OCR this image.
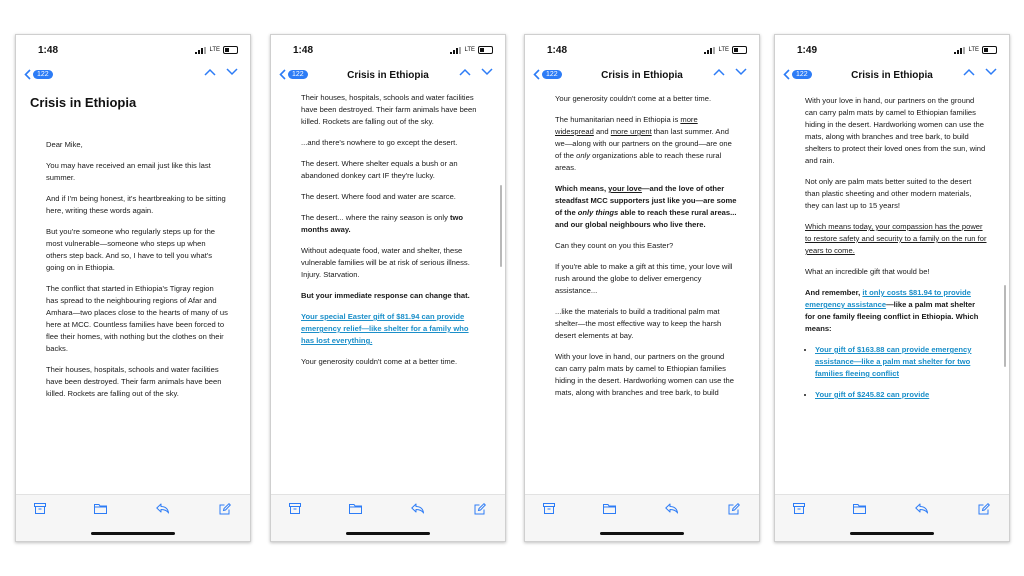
1:48	LTE
122
Crisis in Ethiopia

Dear Mike,

You may have received an email just like this last summer.

And if I'm being honest, it's heartbreaking to be sitting here, writing these words again.

But you're someone who regularly steps up for the most vulnerable—someone who steps up when others step back. And so, I have to tell you what's going on in Ethiopia.

The conflict that started in Ethiopia's Tigray region has spread to the neighbouring regions of Afar and Amhara—two places close to the hearts of many of us here at MCC. Countless families have been forced to flee their homes, with nothing but the clothes on their backs.

Their houses, hospitals, schools and water facilities have been destroyed. Their farm animals have been killed. Rockets are falling out of the sky.

1:48	LTE
122	Crisis in Ethiopia

Their houses, hospitals, schools and water facilities have been destroyed. Their farm animals have been killed. Rockets are falling out of the sky.

...and there's nowhere to go except the desert.

The desert. Where shelter equals a bush or an abandoned donkey cart IF they're lucky.

The desert. Where food and water are scarce.

The desert... where the rainy season is only two months away.

Without adequate food, water and shelter, these vulnerable families will be at risk of serious illness. Injury. Starvation.

But your immediate response can change that.

Your special Easter gift of $81.94 can provide emergency relief—like shelter for a family who has lost everything.

Your generosity couldn't come at a better time.

1:48	LTE
122	Crisis in Ethiopia

Your generosity couldn't come at a better time.

The humanitarian need in Ethiopia is more widespread and more urgent than last summer. And we—along with our partners on the ground—are one of the only organizations able to reach these rural areas.

Which means, your love—and the love of other steadfast MCC supporters just like you—are some of the only things able to reach these rural areas... and our global neighbours who live there.

Can they count on you this Easter?

If you're able to make a gift at this time, your love will rush around the globe to deliver emergency assistance...

...like the materials to build a traditional palm mat shelter—the most effective way to keep the harsh desert elements at bay.

With your love in hand, our partners on the ground can carry palm mats by camel to Ethiopian families hiding in the desert. Hardworking women can use the mats, along with branches and tree bark, to build

1:49	LTE
122	Crisis in Ethiopia

With your love in hand, our partners on the ground can carry palm mats by camel to Ethiopian families hiding in the desert. Hardworking women can use the mats, along with branches and tree bark, to build shelters to protect their loved ones from the sun, wind and rain.

Not only are palm mats better suited to the desert than plastic sheeting and other modern materials, they can last up to 15 years!

Which means today, your compassion has the power to restore safety and security to a family on the run for years to come.

What an incredible gift that would be!

And remember, it only costs $81.94 to provide emergency assistance—like a palm mat shelter for one family fleeing conflict in Ethiopia. Which means:

• Your gift of $163.88 can provide emergency assistance—like a palm mat shelter for two families fleeing conflict
• Your gift of $245.82 can provide
